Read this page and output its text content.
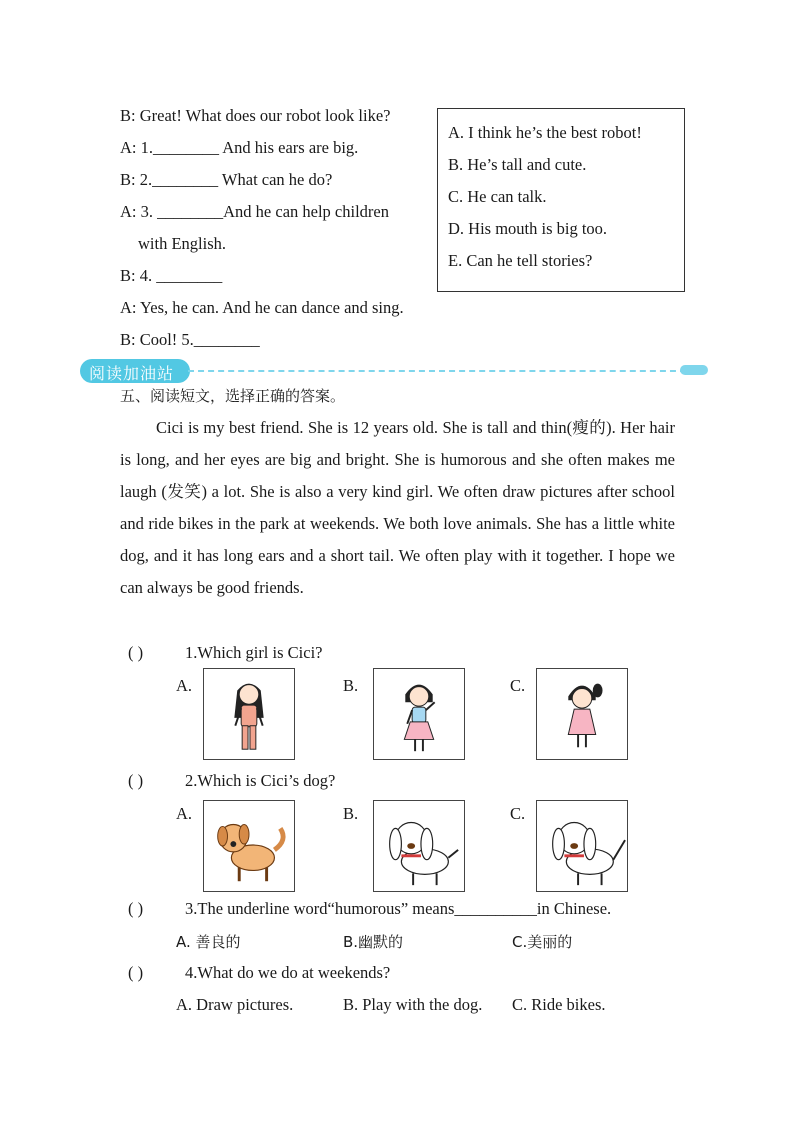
B: Great! What does our robot look like?
A: 1.________ And his ears are big.
B: 2.________ What can he do?
A: 3. ________And he can help children
with English.
B: 4. ________
A: Yes, he can. And he can dance and sing.
B: Cool! 5.________
A. I think he’s the best robot!
B. He’s tall and cute.
C. He can talk.
D. His mouth is big too.
E. Can he tell stories?
阅读加油站
五、阅读短文，选择正确的答案。
Cici is my best friend. She is 12 years old. She is tall and thin(瘦的). Her hair is long, and her eyes are big and bright. She is humorous and she often makes me laugh (发笑) a lot. She is also a very kind girl. We often draw pictures after school and ride bikes in the park at weekends. We both love animals. She has a little white dog, and it has long ears and a short tail. We often play with it together. I hope we can always be good friends.
( )	1.Which girl is Cici?
A.	B.	C.
( )	2.Which is Cici’s dog?
A.	B.	C.
( )	3.The underline word“humorous” means__________in Chinese.
A. 善良的	B.幽默的	C.美丽的
( )	4.What do we do at weekends?
A. Draw pictures.	B. Play with the dog. C. Ride bikes.
